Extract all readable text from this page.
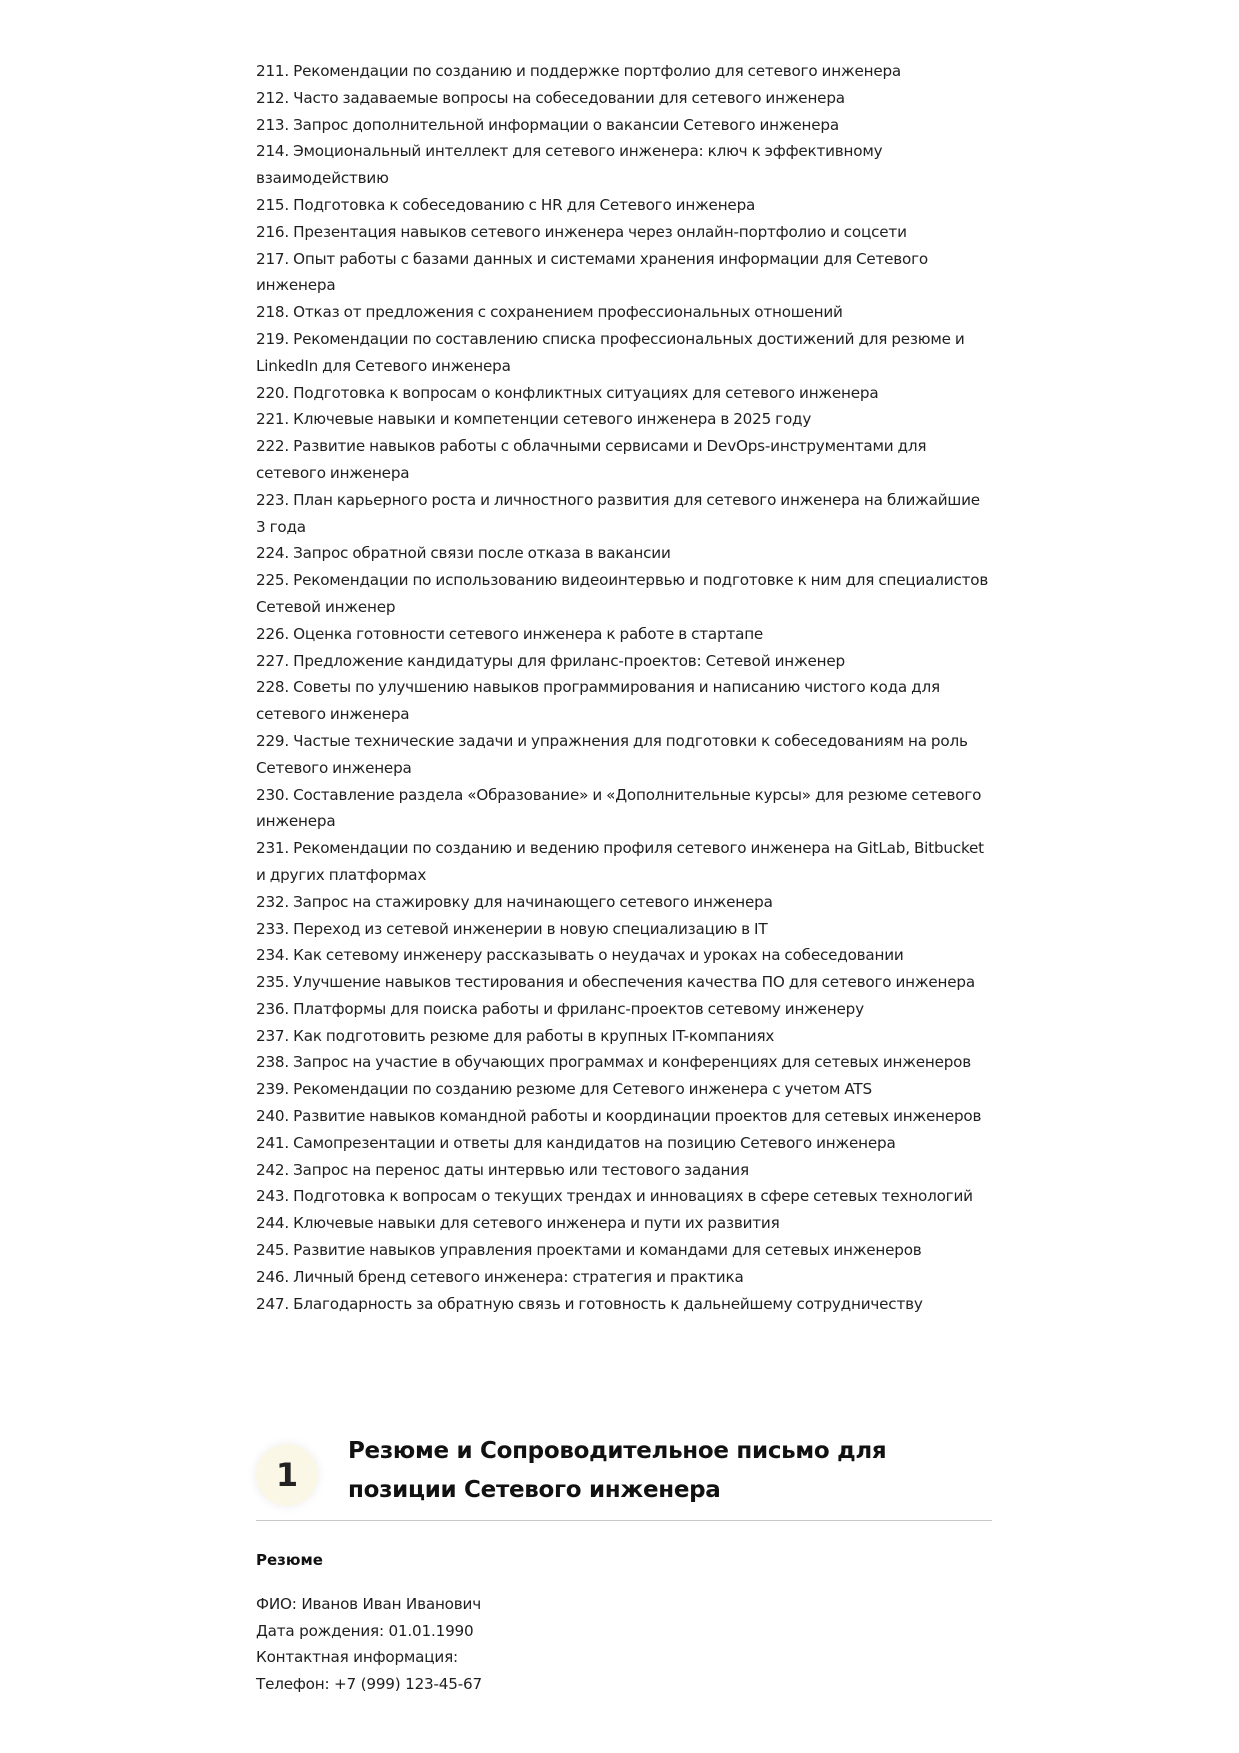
211. Рекомендации по созданию и поддержке портфолио для сетевого инженера
212. Часто задаваемые вопросы на собеседовании для сетевого инженера
213. Запрос дополнительной информации о вакансии Сетевого инженера
214. Эмоциональный интеллект для сетевого инженера: ключ к эффективному взаимодействию
215. Подготовка к собеседованию с HR для Сетевого инженера
216. Презентация навыков сетевого инженера через онлайн-портфолио и соцсети
217. Опыт работы с базами данных и системами хранения информации для Сетевого инженера
218. Отказ от предложения с сохранением профессиональных отношений
219. Рекомендации по составлению списка профессиональных достижений для резюме и LinkedIn для Сетевого инженера
220. Подготовка к вопросам о конфликтных ситуациях для сетевого инженера
221. Ключевые навыки и компетенции сетевого инженера в 2025 году
222. Развитие навыков работы с облачными сервисами и DevOps-инструментами для сетевого инженера
223. План карьерного роста и личностного развития для сетевого инженера на ближайшие 3 года
224. Запрос обратной связи после отказа в вакансии
225. Рекомендации по использованию видеоинтервью и подготовке к ним для специалистов Сетевой инженер
226. Оценка готовности сетевого инженера к работе в стартапе
227. Предложение кандидатуры для фриланс-проектов: Сетевой инженер
228. Советы по улучшению навыков программирования и написанию чистого кода для сетевого инженера
229. Частые технические задачи и упражнения для подготовки к собеседованиям на роль Сетевого инженера
230. Составление раздела «Образование» и «Дополнительные курсы» для резюме сетевого инженера
231. Рекомендации по созданию и ведению профиля сетевого инженера на GitLab, Bitbucket и других платформах
232. Запрос на стажировку для начинающего сетевого инженера
233. Переход из сетевой инженерии в новую специализацию в IT
234. Как сетевому инженеру рассказывать о неудачах и уроках на собеседовании
235. Улучшение навыков тестирования и обеспечения качества ПО для сетевого инженера
236. Платформы для поиска работы и фриланс-проектов сетевому инженеру
237. Как подготовить резюме для работы в крупных IT-компаниях
238. Запрос на участие в обучающих программах и конференциях для сетевых инженеров
239. Рекомендации по созданию резюме для Сетевого инженера с учетом ATS
240. Развитие навыков командной работы и координации проектов для сетевых инженеров
241. Самопрезентации и ответы для кандидатов на позицию Сетевого инженера
242. Запрос на перенос даты интервью или тестового задания
243. Подготовка к вопросам о текущих трендах и инновациях в сфере сетевых технологий
244. Ключевые навыки для сетевого инженера и пути их развития
245. Развитие навыков управления проектами и командами для сетевых инженеров
246. Личный бренд сетевого инженера: стратегия и практика
247. Благодарность за обратную связь и готовность к дальнейшему сотрудничеству
1
Резюме и Сопроводительное письмо для позиции Сетевого инженера
Резюме
ФИО: Иванов Иван Иванович
Дата рождения: 01.01.1990
Контактная информация:
Телефон: +7 (999) 123-45-67
